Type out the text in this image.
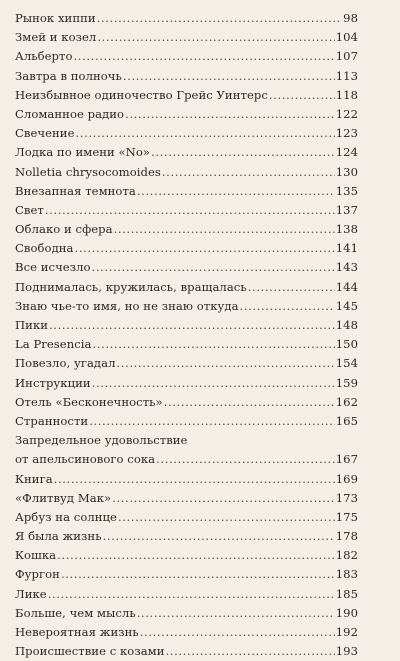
Рынок хиппи .....	98
Змей и козел .....	104
Альберто .....	107
Завтра в полночь .....	113
Неизбывное одиночество Грейс Уинтерс .....	118
Сломанное радио .....	122
Свечение .....	123
Лодка по имени «No» .....	124
Nolletia chrysocomoides .....	130
Внезапная темнота .....	135
Свет .....	137
Облако и сфера .....	138
Свободна .....	141
Все исчезло .....	143
Поднималась, кружилась, вращалась .....	144
Знаю чье-то имя, но не знаю откуда .....	145
Пики .....	148
La Presencia .....	150
Повезло, угадал .....	154
Инструкции .....	159
Отель «Бесконечность» .....	162
Странности .....	165
Запредельное удовольствие
от апельсинового сока .....	167
Книга .....	169
«Флитвуд Мак» .....	173
Арбуз на солнце .....	175
Я была жизнь .....	178
Кошка .....	182
Фургон .....	183
Лике .....	185
Больше, чем мысль .....	190
Невероятная жизнь .....	192
Происшествие с козами .....	193
